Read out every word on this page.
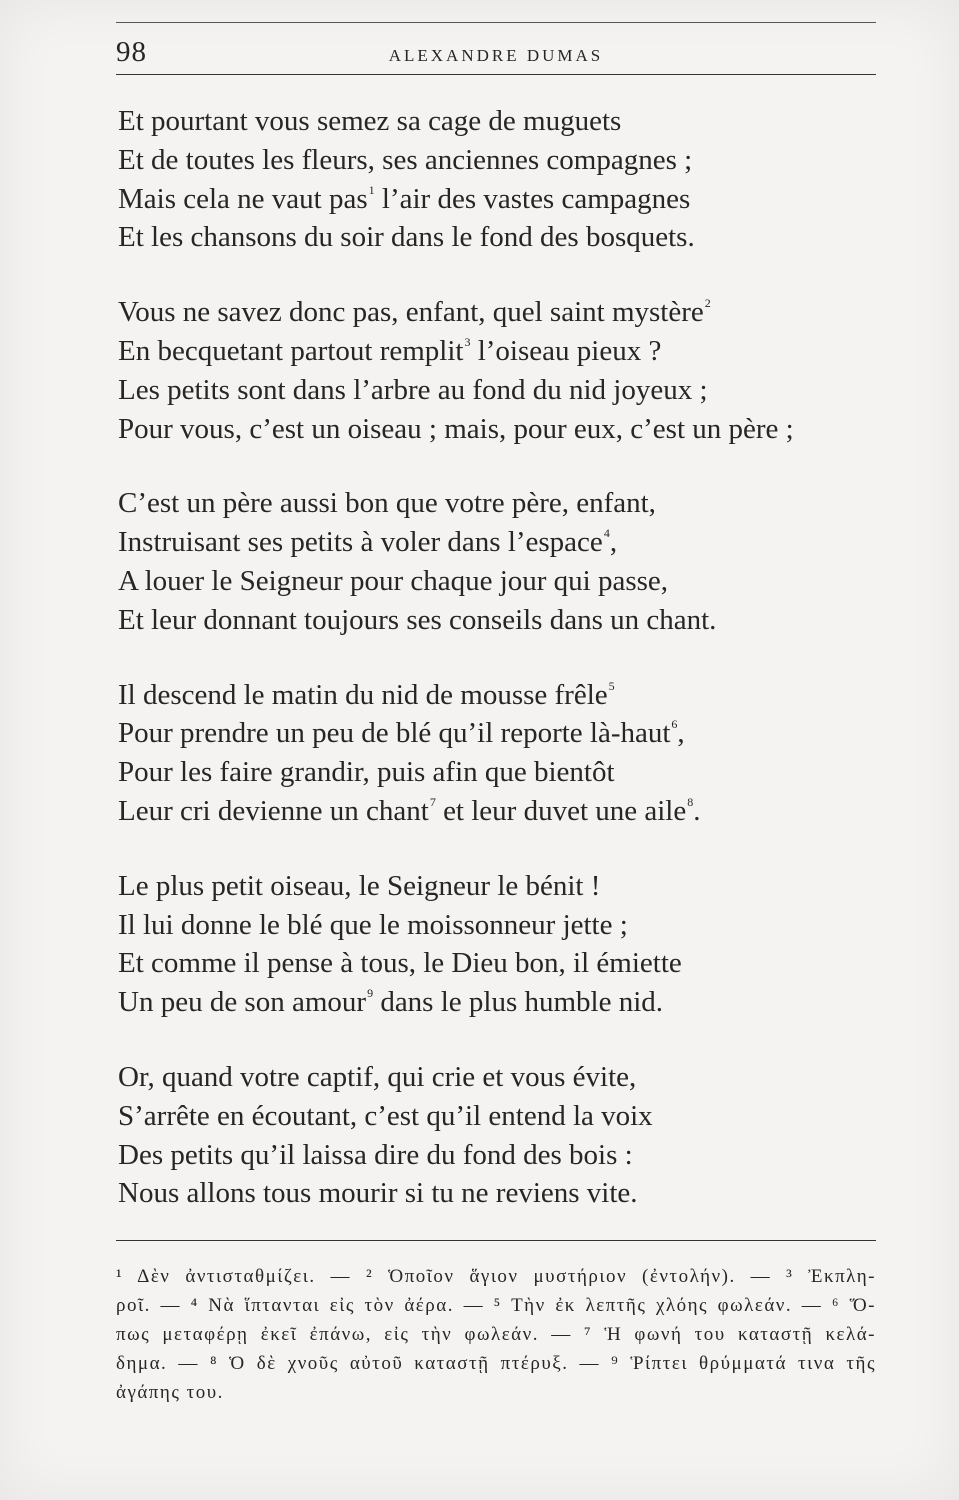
98	ALEXANDRE DUMAS
Et pourtant vous semez sa cage de muguets
Et de toutes les fleurs, ses anciennes compagnes ;
Mais cela ne vaut pas$^1$ l’air des vastes campagnes
Et les chansons du soir dans le fond des bosquets.
Vous ne savez donc pas, enfant, quel saint mystère$^2$
En becquetant partout remplit$^3$ l’oiseau pieux ?
Les petits sont dans l’arbre au fond du nid joyeux ;
Pour vous, c’est un oiseau ; mais, pour eux, c’est un père ;
C’est un père aussi bon que votre père, enfant,
Instruisant ses petits à voler dans l’espace$^4$,
A louer le Seigneur pour chaque jour qui passe,
Et leur donnant toujours ses conseils dans un chant.
Il descend le matin du nid de mousse frêle$^5$
Pour prendre un peu de blé qu’il reporte là-haut$^6$,
Pour les faire grandir, puis afin que bientôt
Leur cri devienne un chant$^7$ et leur duvet une aile$^8$.
Le plus petit oiseau, le Seigneur le bénit !
Il lui donne le blé que le moissonneur jette ;
Et comme il pense à tous, le Dieu bon, il émiette
Un peu de son amour$^9$ dans le plus humble nid.
Or, quand votre captif, qui crie et vous évite,
S’arrête en écoutant, c’est qu’il entend la voix
Des petits qu’il laissa dire du fond des bois :
Nous allons tous mourir si tu ne reviens vite.
¹ Δὲν ἀντισταθμίζει. — ² Ὁποῖον ἅγιον μυστήριον (ἐντολήν). — ³ Ἐκπλη-
ροῖ. — ⁴ Νὰ ἵπτανται εἰς τὸν ἀέρα. — ⁵ Τὴν ἐκ λεπτῆς χλόης φωλεάν. — ⁶ Ὅ-
πως μεταφέρῃ ἐκεῖ ἐπάνω, εἰς τὴν φωλεάν. — ⁷ Ἡ φωνή του καταστῇ κελά-
δημα. — ⁸ Ὁ δὲ χνοῦς αὐτοῦ καταστῇ πτέρυξ. — ⁹ Ῥίπτει θρύμματά τινα τῆς
ἀγάπης του.
